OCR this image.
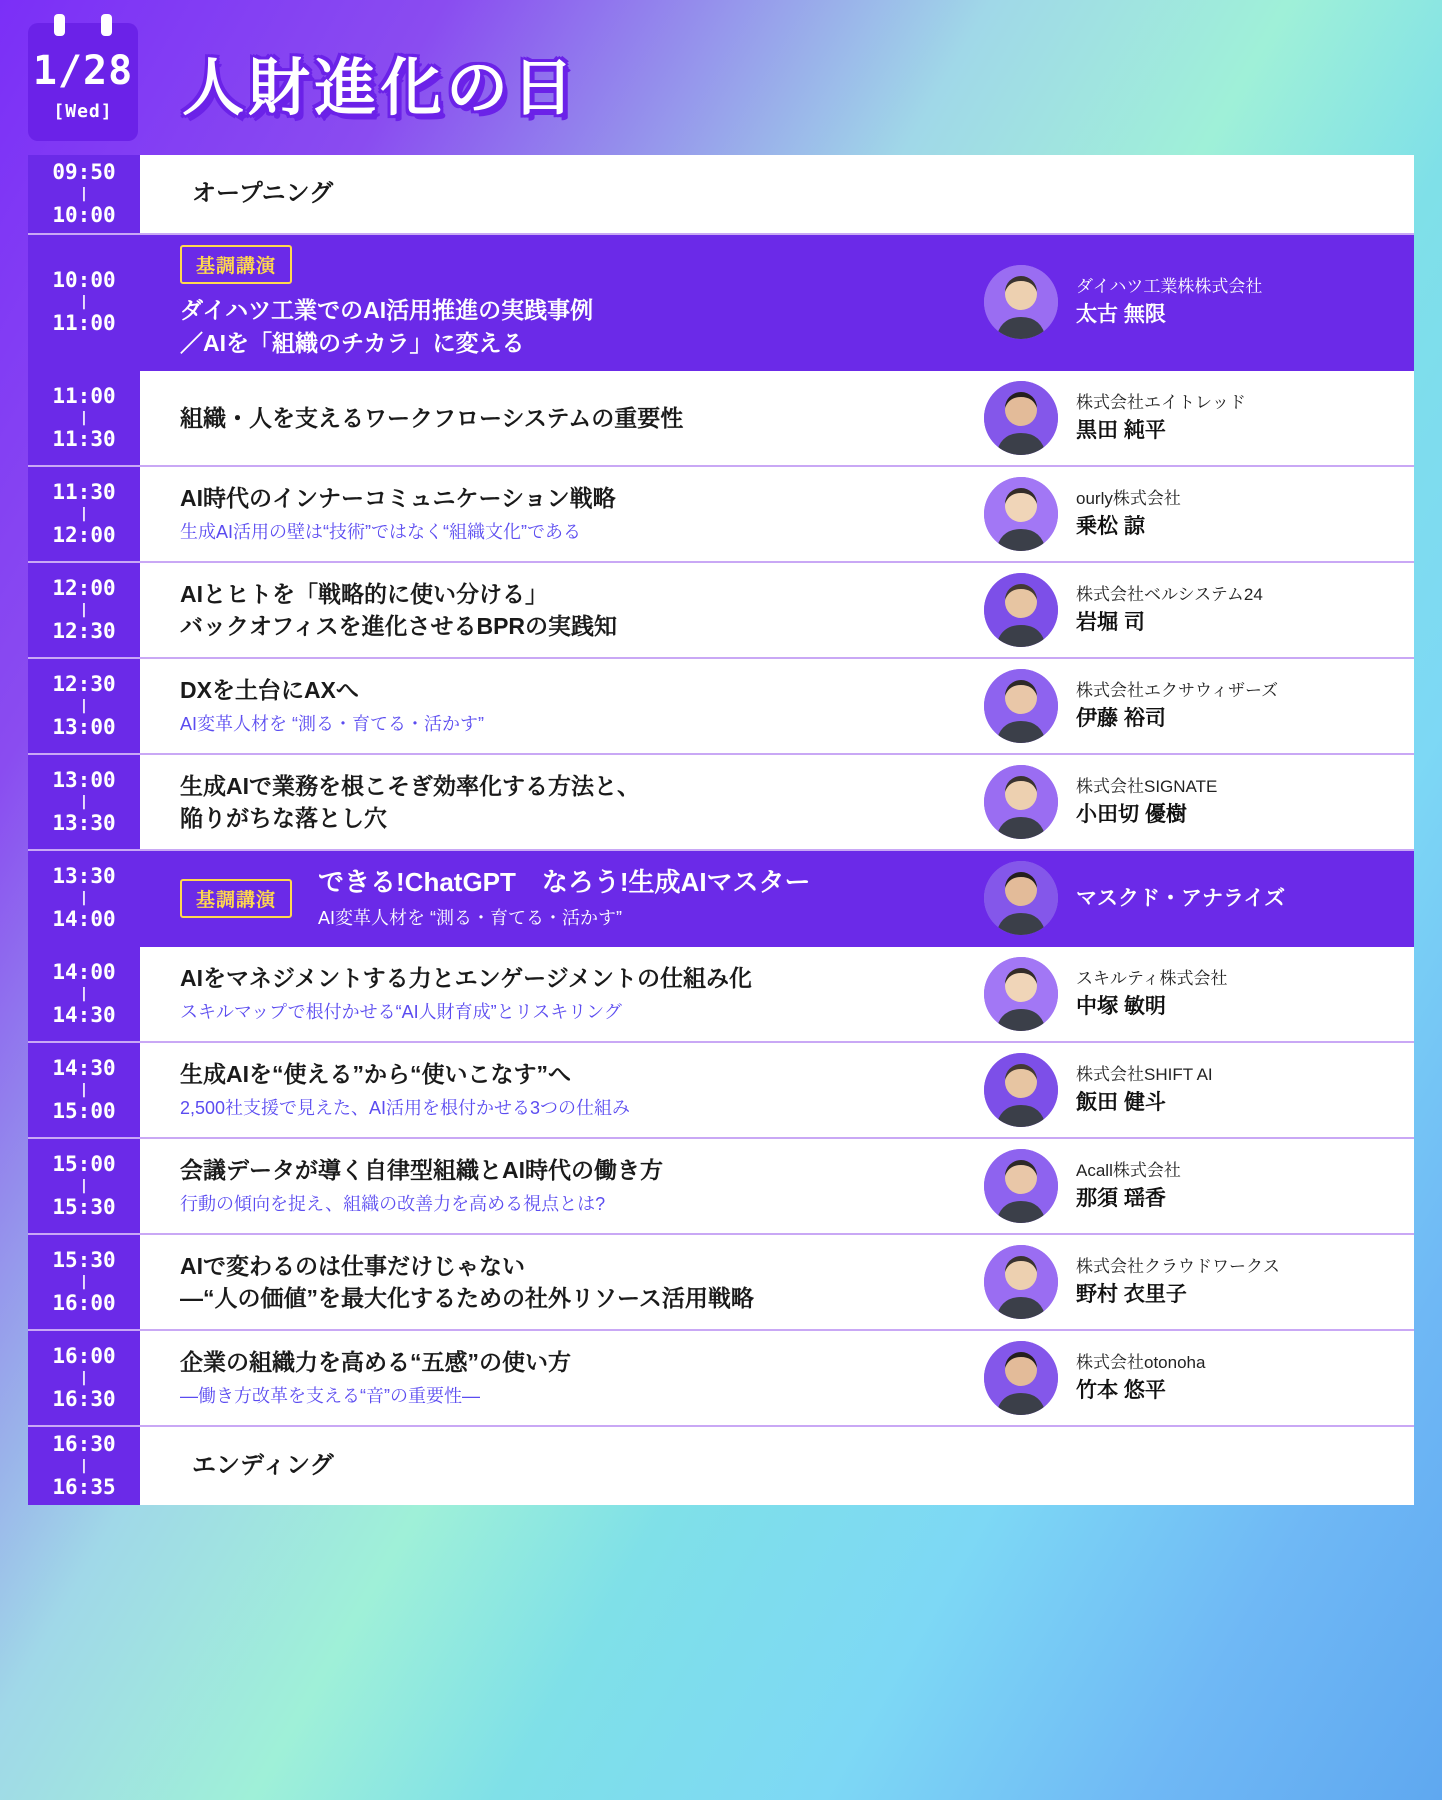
1/28
[Wed] 人財進化の日
09:50
|
10:00
オープニング
10:00
|
11:00
基調講演
ダイハツ工業でのAI活用推進の実践事例
／AIを「組織のチカラ」に変える
ダイハツ工業株株式会社
太古 無限
11:00
|
11:30
組織・人を支えるワークフローシステムの重要性
株式会社エイトレッド
黒田 純平
11:30
|
12:00
AI時代のインナーコミュニケーション戦略
生成AI活用の壁は“技術”ではなく“組織文化”である
ourly株式会社
乗松 諒
12:00
|
12:30
AIとヒトを「戦略的に使い分ける」
バックオフィスを進化させるBPRの実践知
株式会社ベルシステム24
岩堀 司
12:30
|
13:00
DXを土台にAXへ
AI変革人材を “測る・育てる・活かす”
株式会社エクサウィザーズ
伊藤 裕司
13:00
|
13:30
生成AIで業務を根こそぎ効率化する方法と、
陥りがちな落とし穴
株式会社SIGNATE
小田切 優樹
13:30
|
14:00
基調講演
できる!ChatGPT　なろう!生成AIマスター
AI変革人材を “測る・育てる・活かす”
マスクド・アナライズ
14:00
|
14:30
AIをマネジメントする力とエンゲージメントの仕組み化
スキルマップで根付かせる“AI人財育成”とリスキリング
スキルティ株式会社
中塚 敏明
14:30
|
15:00
生成AIを“使える”から“使いこなす”へ
2,500社支援で見えた、AI活用を根付かせる3つの仕組み
株式会社SHIFT AI
飯田 健斗
15:00
|
15:30
会議データが導く自律型組織とAI時代の働き方
行動の傾向を捉え、組織の改善力を高める視点とは?
Acall株式会社
那須 瑶香
15:30
|
16:00
AIで変わるのは仕事だけじゃない
―“人の価値”を最大化するための社外リソース活用戦略
株式会社クラウドワークス
野村 衣里子
16:00
|
16:30
企業の組織力を高める“五感”の使い方
―働き方改革を支える“音”の重要性―
株式会社otonoha
竹本 悠平
16:30
|
16:35
エンディング
